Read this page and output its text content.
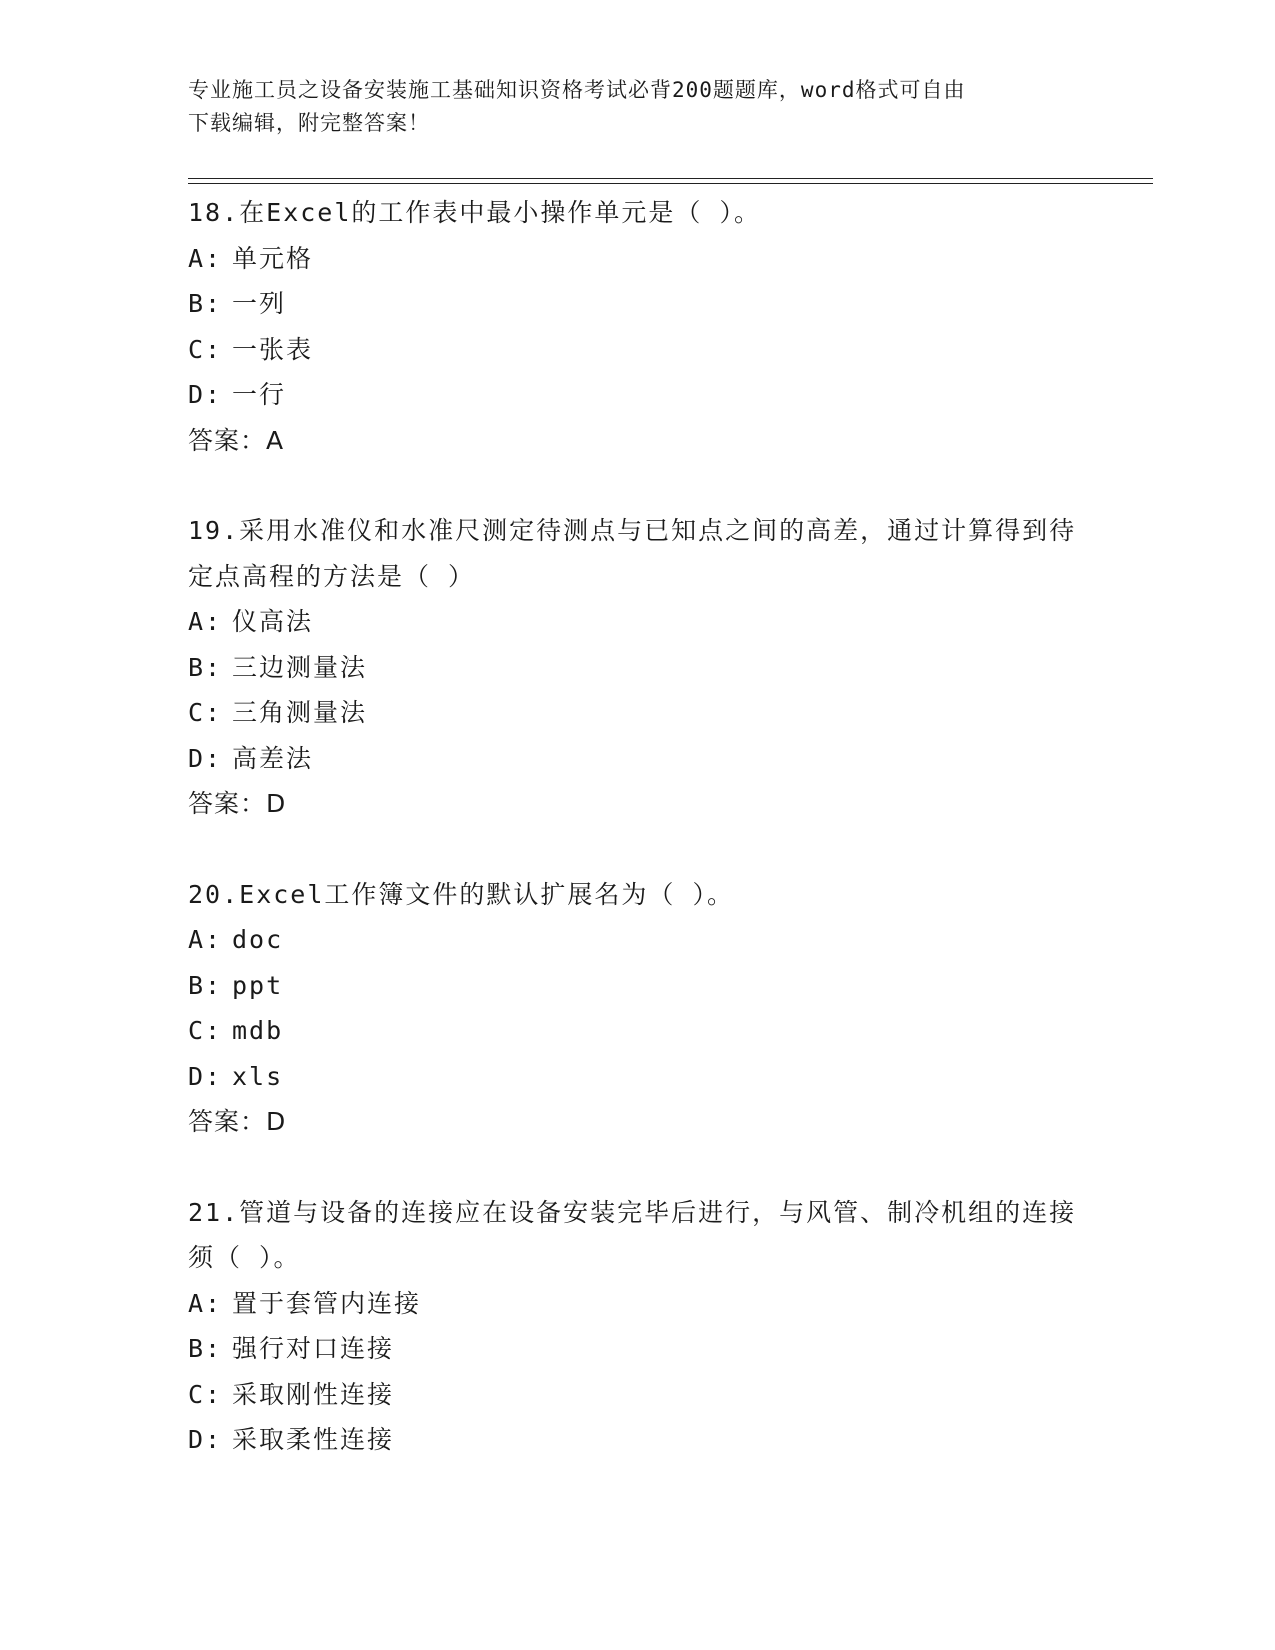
专业施工员之设备安装施工基础知识资格考试必背200题题库，word格式可自由
下载编辑，附完整答案！
18.在Excel的工作表中最小操作单元是（ ）。
A: 单元格
B: 一列
C: 一张表
D: 一行
答案：A
19.采用水准仪和水准尺测定待测点与已知点之间的高差，通过计算得到待定点高程的方法是（ ）
A: 仪高法
B: 三边测量法
C: 三角测量法
D: 高差法
答案：D
20.Excel工作簿文件的默认扩展名为（ ）。
A: doc
B: ppt
C: mdb
D: xls
答案：D
21.管道与设备的连接应在设备安装完毕后进行，与风管、制冷机组的连接须（ ）。
A: 置于套管内连接
B: 强行对口连接
C: 采取刚性连接
D: 采取柔性连接
